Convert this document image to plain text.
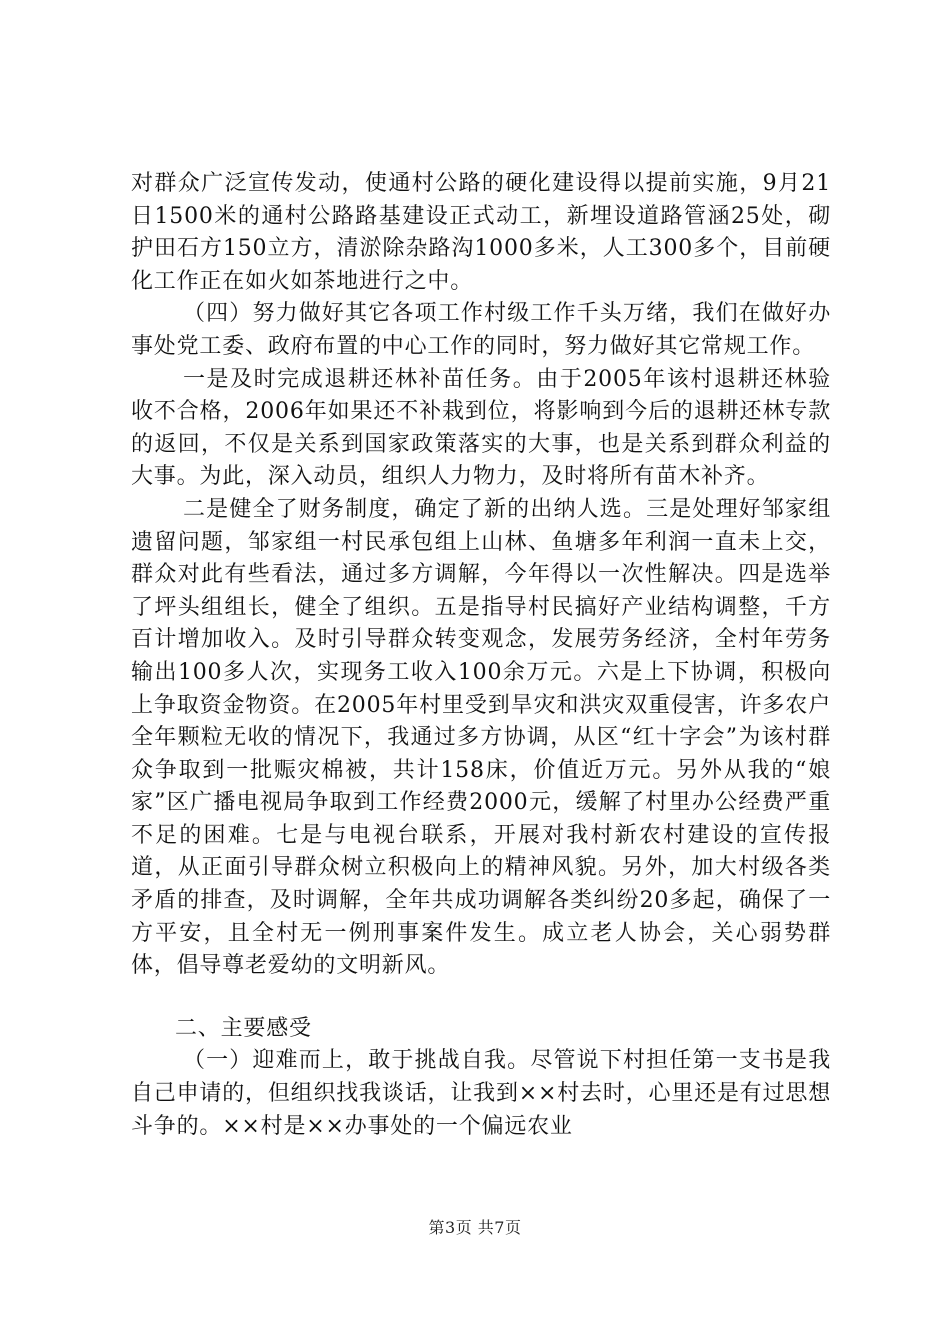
对群众广泛宣传发动，使通村公路的硬化建设得以提前实施，9月21日1500米的通村公路路基建设正式动工，新埋设道路管涵25处，砌护田石方150立方，清淤除杂路沟1000多米，人工300多个，目前硬化工作正在如火如茶地进行之中。

（四）努力做好其它各项工作村级工作千头万绪，我们在做好办事处党工委、政府布置的中心工作的同时，努力做好其它常规工作。

一是及时完成退耕还林补苗任务。由于2005年该村退耕还林验收不合格，2006年如果还不补栽到位，将影响到今后的退耕还林专款的返回，不仅是关系到国家政策落实的大事，也是关系到群众利益的大事。为此，深入动员，组织人力物力，及时将所有苗木补齐。

二是健全了财务制度，确定了新的出纳人选。三是处理好邹家组遗留问题，邹家组一村民承包组上山林、鱼塘多年利润一直未上交，群众对此有些看法，通过多方调解，今年得以一次性解决。四是选举了坪头组组长，健全了组织。五是指导村民搞好产业结构调整，千方百计增加收入。及时引导群众转变观念，发展劳务经济，全村年劳务输出100多人次，实现务工收入100余万元。六是上下协调，积极向上争取资金物资。在2005年村里受到旱灾和洪灾双重侵害，许多农户全年颗粒无收的情况下，我通过多方协调，从区“红十字会”为该村群众争取到一批赈灾棉被，共计158床，价值近万元。另外从我的“娘家”区广播电视局争取到工作经费2000元，缓解了村里办公经费严重不足的困难。七是与电视台联系，开展对我村新农村建设的宣传报道，从正面引导群众树立积极向上的精神风貌。另外，加大村级各类矛盾的排查，及时调解，全年共成功调解各类纠纷20多起，确保了一方平安，且全村无一例刑事案件发生。成立老人协会，关心弱势群体，倡导尊老爱幼的文明新风。

二、主要感受

（一）迎难而上，敢于挑战自我。尽管说下村担任第一支书是我自己申请的，但组织找我谈话，让我到××村去时，心里还是有过思想斗争的。××村是××办事处的一个偏远农业

第3页 共7页
